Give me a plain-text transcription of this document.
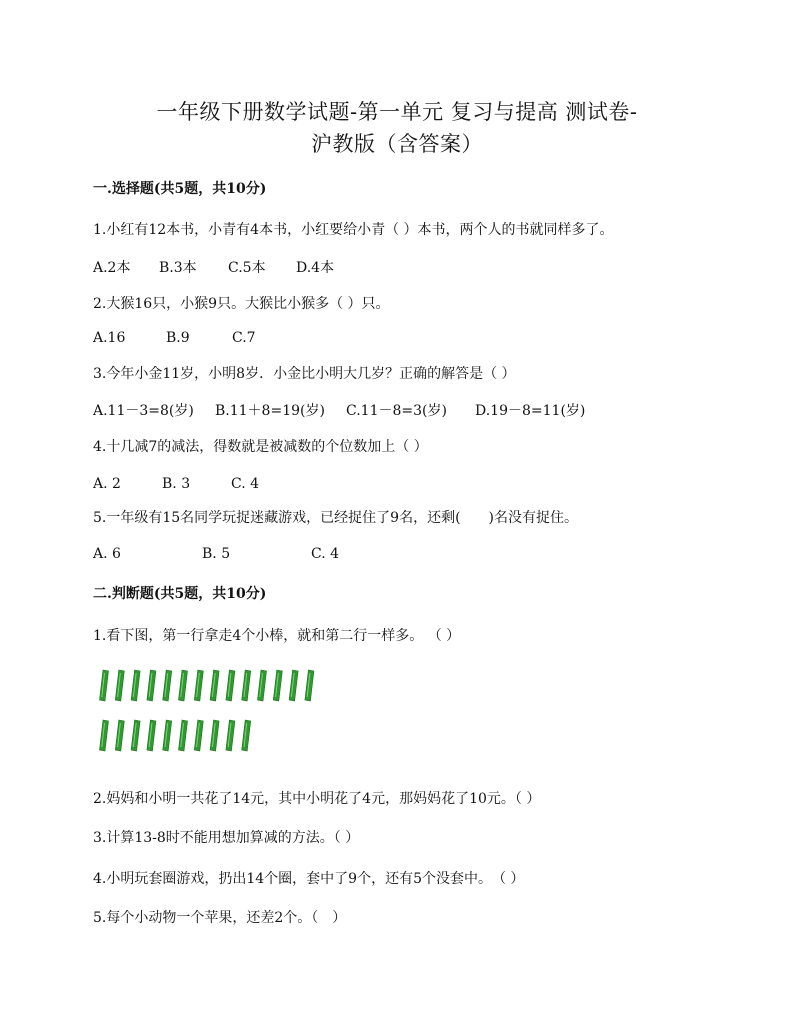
一年级下册数学试题-第一单元 复习与提高 测试卷-
沪教版（含答案）
一.选择题(共5题，共10分)
1.小红有12本书，小青有4本书，小红要给小青（ ）本书，两个人的书就同样多了。
A.2本 B.3本 C.5本 D.4本
2.大猴16只，小猴9只。大猴比小猴多（ ）只。
A.16	B.9	C.7
3.今年小金11岁，小明8岁．小金比小明大几岁？正确的解答是（ ）
A.11－3=8(岁) B.11＋8=19(岁) C.11－8=3(岁) D.19－8=11(岁)
4.十几减7的减法，得数就是被减数的个位数加上（ ）
A. 2	B. 3	C. 4
5.一年级有15名同学玩捉迷藏游戏，已经捉住了9名，还剩(　　)名没有捉住。
A. 6	B. 5	C. 4
二.判断题(共5题，共10分)
1.看下图，第一行拿走4个小棒，就和第二行一样多。 （ ）
2.妈妈和小明一共花了14元，其中小明花了4元，那妈妈花了10元。（ ）
3.计算13-8时不能用想加算减的方法。（ ）
4.小明玩套圈游戏，扔出14个圈，套中了9个，还有5个没套中。　（ ）
5.每个小动物一个苹果，还差2个。（　）
